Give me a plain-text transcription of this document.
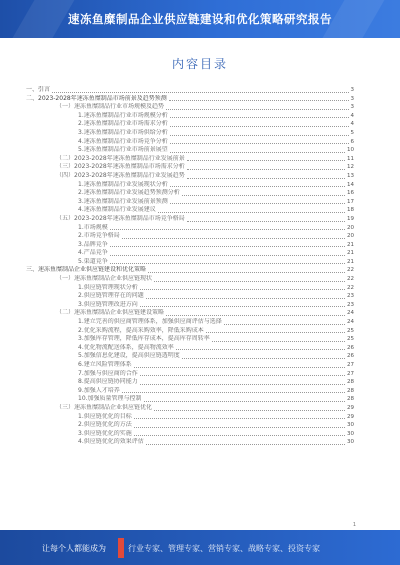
速冻鱼糜制品企业供应链建设和优化策略研究报告
内容目录
一、引言	3
二、2023-2028年速冻鱼糜制品市场前景及趋势预测	3
（一）速冻鱼糜制品行业市场规模及趋势	3
1.速冻鱼糜制品行业市场规模分析	4
2.速冻鱼糜制品行业市场需求分析	4
3.速冻鱼糜制品行业市场供给分析	5
4.速冻鱼糜制品行业市场竞争分析	6
5.速冻鱼糜制品行业市场前景展望	10
（二）2023-2028年速冻鱼糜制品行业发展前景	11
（三）2023-2028年速冻鱼糜制品市场需求分析	12
（四）2023-2028年速冻鱼糜制品行业发展趋势	13
1.速冻鱼糜制品行业发展现状分析	14
2.速冻鱼糜制品行业发展趋势预测分析	16
3.速冻鱼糜制品行业发展前景预测	17
4.速冻鱼糜制品行业发展建议	18
（五）2023-2028年速冻鱼糜制品市场竞争格局	19
1.市场规模	20
2.市场竞争格局	20
3.品牌竞争	21
4.产品竞争	21
5.渠道竞争	21
三、速冻鱼糜制品企业供应链建设和优化策略	22
（一）速冻鱼糜制品企业供应链现状	22
1.供应链管理现状分析	22
2.供应链管理存在的问题	23
3.供应链管理改进方向	23
（二）速冻鱼糜制品企业供应链建设策略	24
1.建立完善的供应商管理体系，加强供应商评估与选择	24
2.优化采购流程，提高采购效率，降低采购成本	25
3.加强库存管理，降低库存成本，提高库存周转率	25
4.优化物流配送体系，提高物流效率	26
5.加强信息化建设，提高供应链透明度	26
6.建立风险管理体系	27
7.加强与供应商的合作	27
8.提高供应链协同能力	28
9.加强人才培养	28
10.加强质量管理与控制	28
（三）速冻鱼糜制品企业供应链优化	29
1.供应链优化的目标	29
2.供应链优化的方法	30
3.供应链优化的实施	30
4.供应链优化的效果评估	30
1
让每个人都能成为	行业专家、管理专家、营销专家、战略专家、投资专家
